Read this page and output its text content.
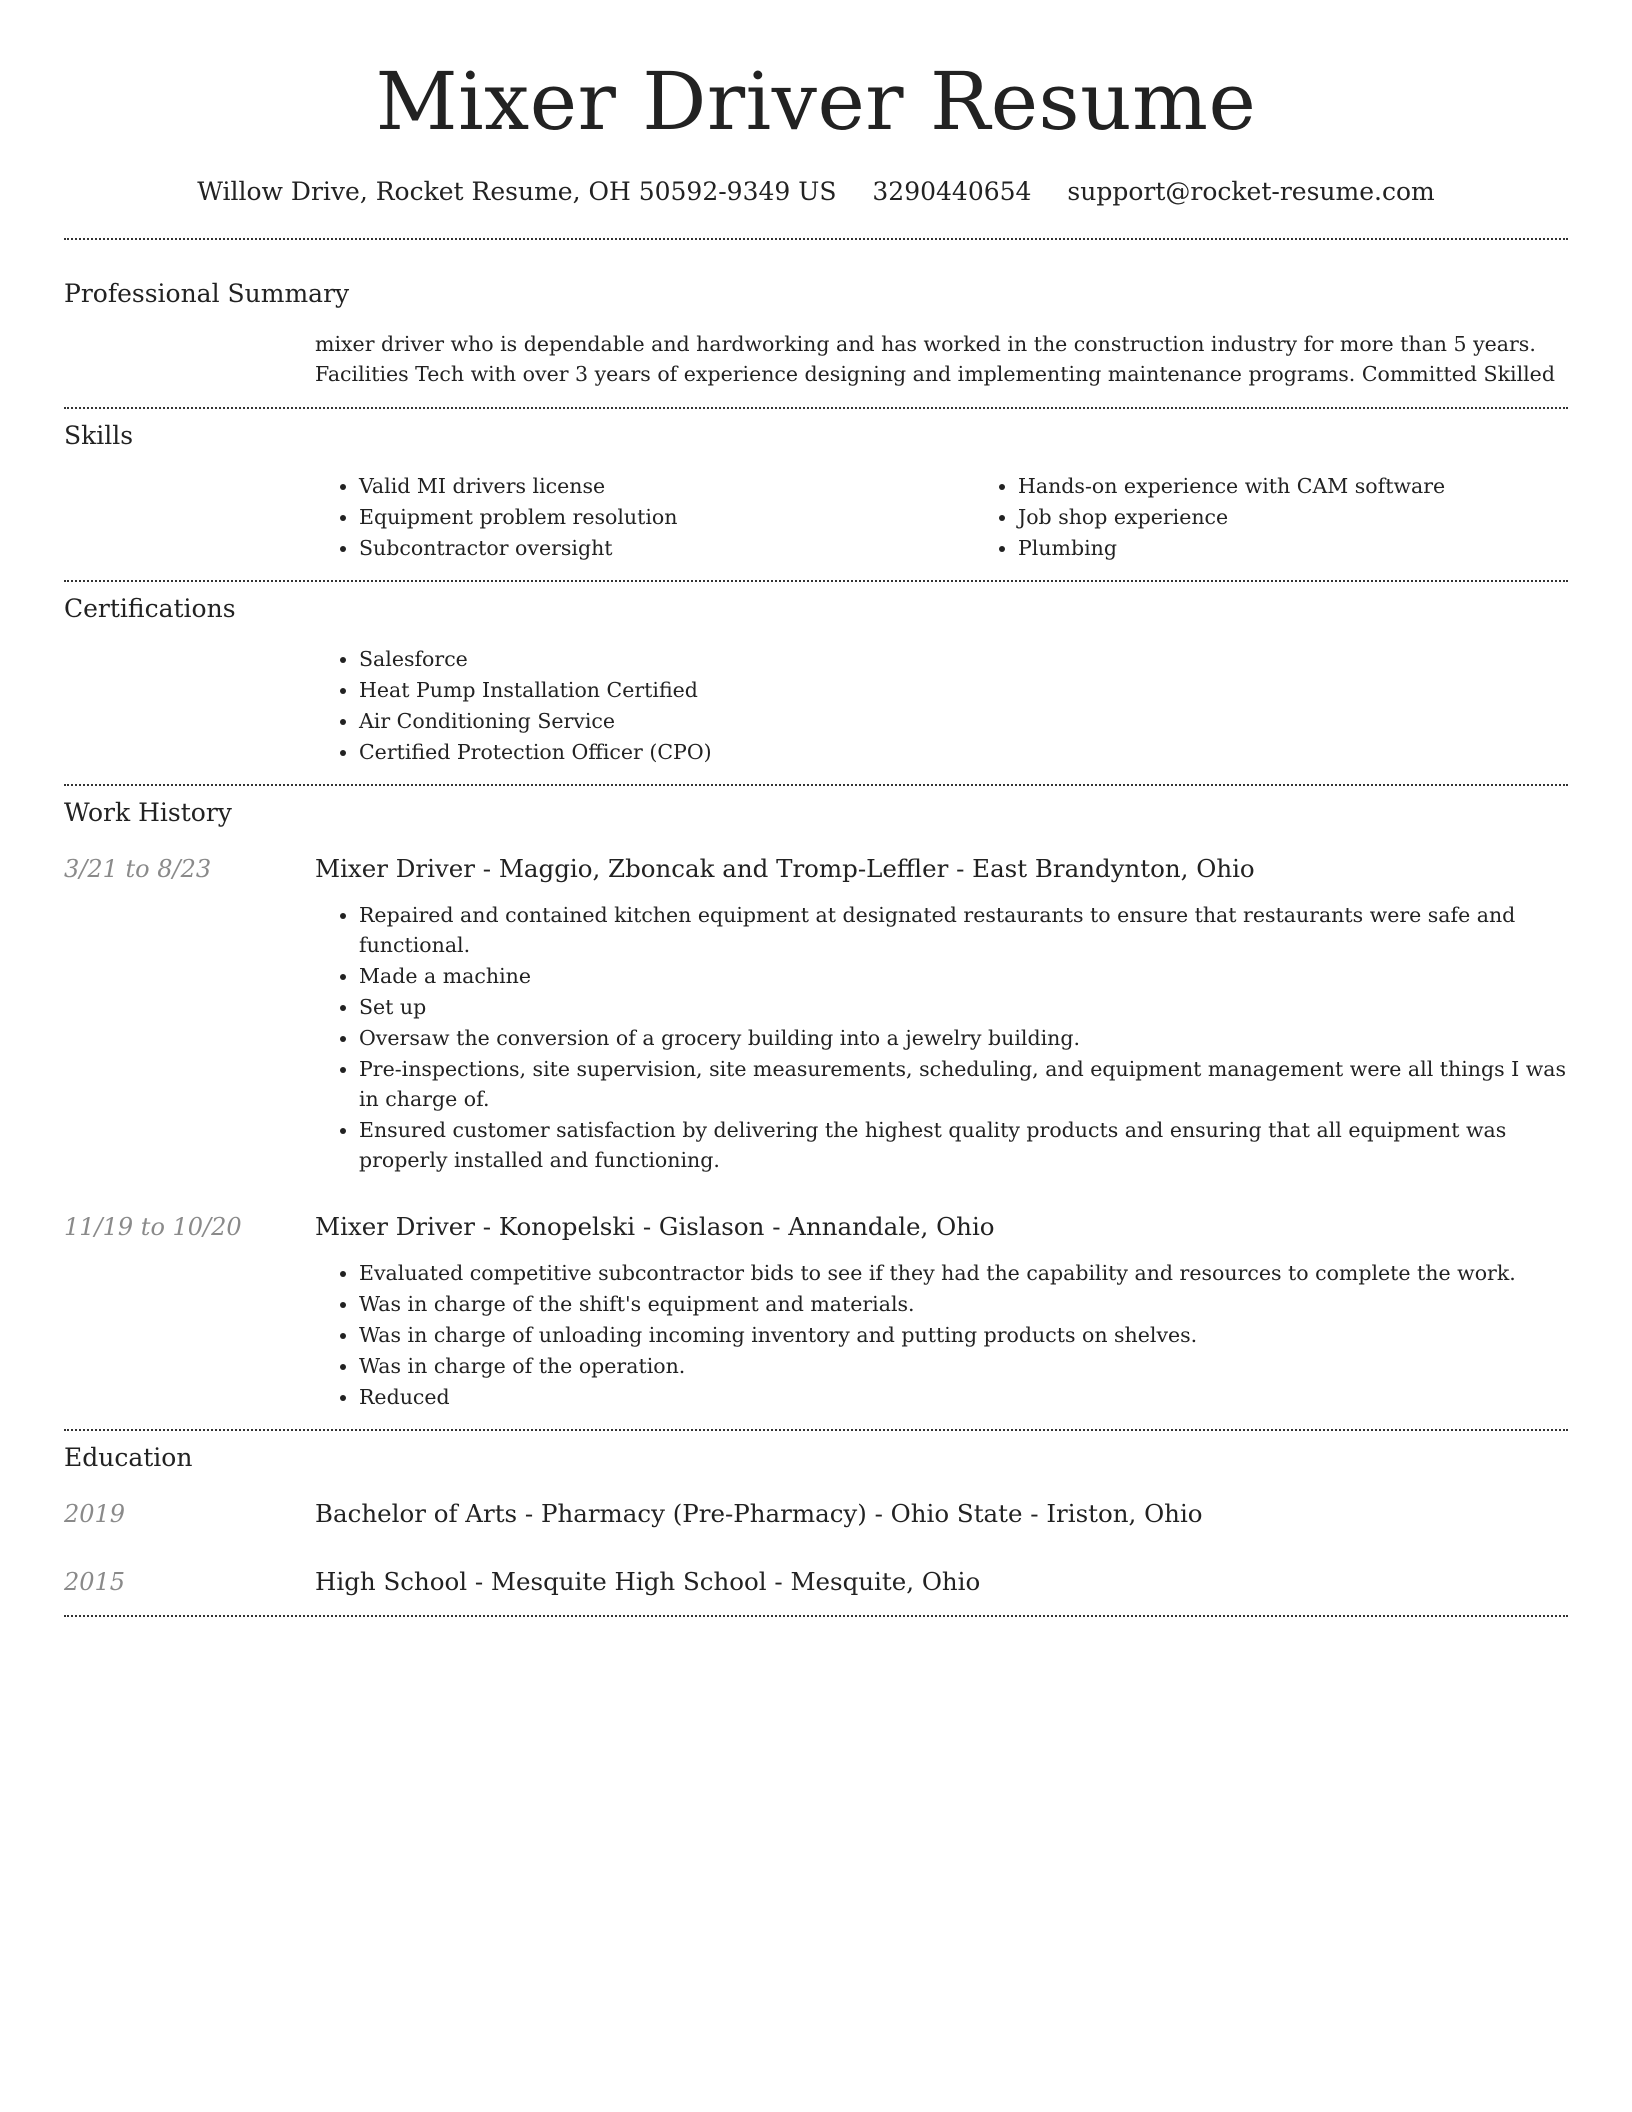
Mixer Driver Resume
Willow Drive, Rocket Resume, OH 50592-9349 US 3290440654 support@rocket-resume.com
Professional Summary

mixer driver who is dependable and hardworking and has worked in the construction industry for more than 5 years. Facilities Tech with over 3 years of experience designing and implementing maintenance programs. Committed Skilled

Skills
• Valid MI drivers license
• Equipment problem resolution
• Subcontractor oversight
• Hands-on experience with CAM software
• Job shop experience
• Plumbing
Certifications
• Salesforce
• Heat Pump Installation Certified
• Air Conditioning Service
• Certified Protection Officer (CPO)
Work History
3/21 to 8/23	Mixer Driver - Maggio, Zboncak and Tromp-Leffler - East Brandynton, Ohio
• Repaired and contained kitchen equipment at designated restaurants to ensure that restaurants were safe and functional.
• Made a machine
• Set up
• Oversaw the conversion of a grocery building into a jewelry building.
• Pre-inspections, site supervision, site measurements, scheduling, and equipment management were all things I was in charge of.
• Ensured customer satisfaction by delivering the highest quality products and ensuring that all equipment was properly installed and functioning.
11/19 to 10/20	Mixer Driver - Konopelski - Gislason - Annandale, Ohio
• Evaluated competitive subcontractor bids to see if they had the capability and resources to complete the work.
• Was in charge of the shift's equipment and materials.
• Was in charge of unloading incoming inventory and putting products on shelves.
• Was in charge of the operation.
• Reduced
Education
2019	Bachelor of Arts - Pharmacy (Pre-Pharmacy) - Ohio State - Iriston, Ohio
2015	High School - Mesquite High School - Mesquite, Ohio
